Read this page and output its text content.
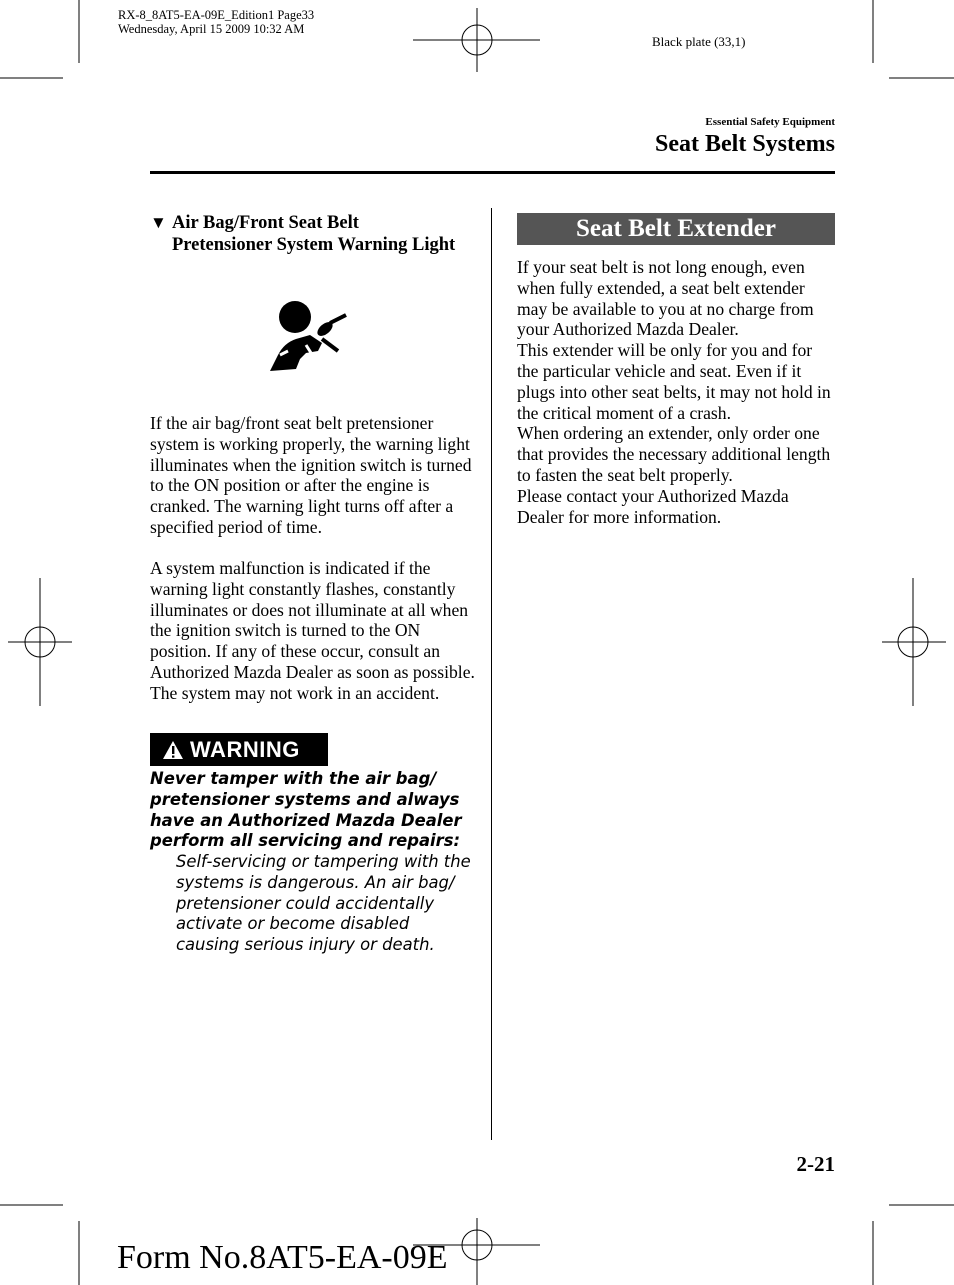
RX-8_8AT5-EA-09E_Edition1 Page33
Wednesday, April 15 2009 10:32 AM
Black plate (33,1)
Essential Safety Equipment
Seat Belt Systems
▼ Air Bag/Front Seat Belt
Pretensioner System Warning Light
If the air bag/front seat belt pretensioner system is working properly, the warning light illuminates when the ignition switch is turned to the ON position or after the engine is cranked. The warning light turns off after a specified period of time.
A system malfunction is indicated if the warning light constantly flashes, constantly illuminates or does not illuminate at all when the ignition switch is turned to the ON position. If any of these occur, consult an Authorized Mazda Dealer as soon as possible. The system may not work in an accident.
WARNING
Never tamper with the air bag/ pretensioner systems and always have an Authorized Mazda Dealer perform all servicing and repairs:
Self-servicing or tampering with the systems is dangerous. An air bag/ pretensioner could accidentally activate or become disabled causing serious injury or death.
Seat Belt Extender
If your seat belt is not long enough, even when fully extended, a seat belt extender may be available to you at no charge from your Authorized Mazda Dealer.
This extender will be only for you and for the particular vehicle and seat. Even if it plugs into other seat belts, it may not hold in the critical moment of a crash.
When ordering an extender, only order one that provides the necessary additional length to fasten the seat belt properly.
Please contact your Authorized Mazda Dealer for more information.
2-21
Form No.8AT5-EA-09E
